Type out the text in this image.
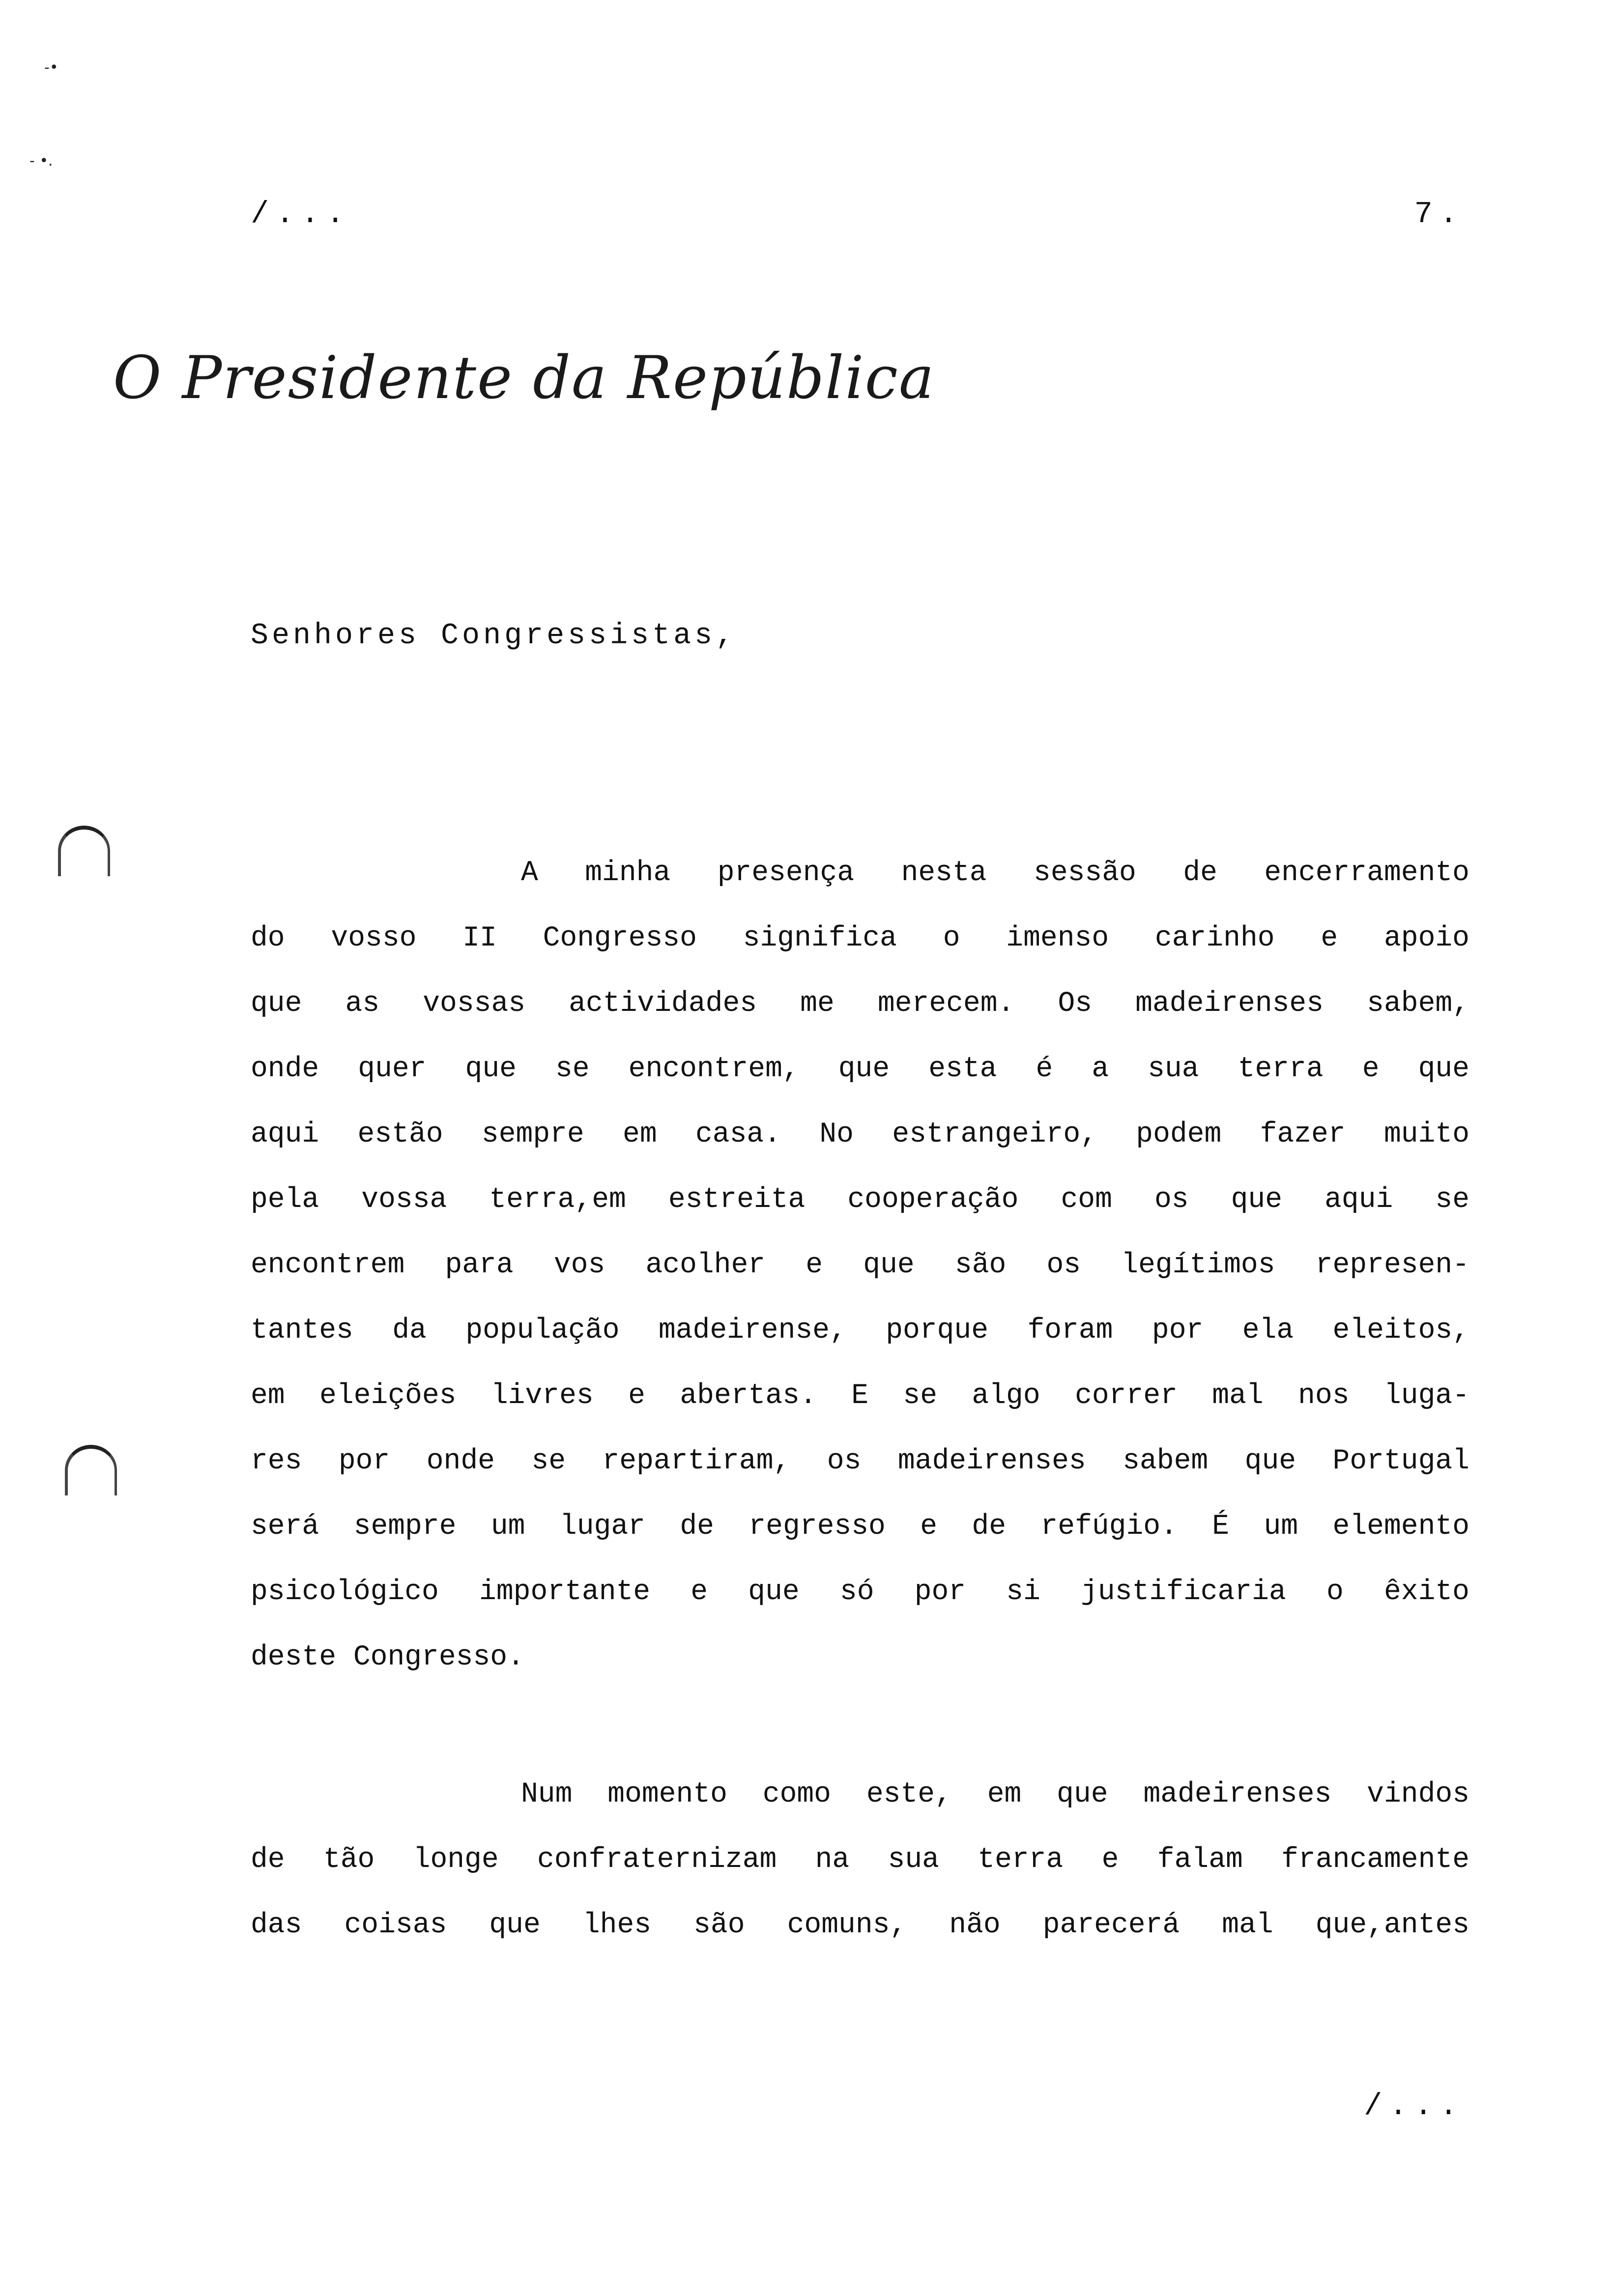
-•
- •.
/...	7.
O Presidente da República
Senhores Congressistas,
A minha presença nesta sessão de encerramento
do vosso II Congresso significa o imenso carinho e apoio
que as vossas actividades me merecem. Os madeirenses sabem,
onde quer que se encontrem, que esta é a sua terra e que
aqui estão sempre em casa. No estrangeiro, podem fazer muito
pela vossa terra,em estreita cooperação com os que aqui se
encontrem para vos acolher e que são os legítimos represen-
tantes da população madeirense, porque foram por ela eleitos,
em eleições livres e abertas. E se algo correr mal nos luga-
res por onde se repartiram, os madeirenses sabem que Portugal
será sempre um lugar de regresso e de refúgio. É um elemento
psicológico importante e que só por si justificaria o êxito
deste Congresso.
Num momento como este, em que madeirenses vindos
de tão longe confraternizam na sua terra e falam francamente
das coisas que lhes são comuns, não parecerá mal que,antes
/...
